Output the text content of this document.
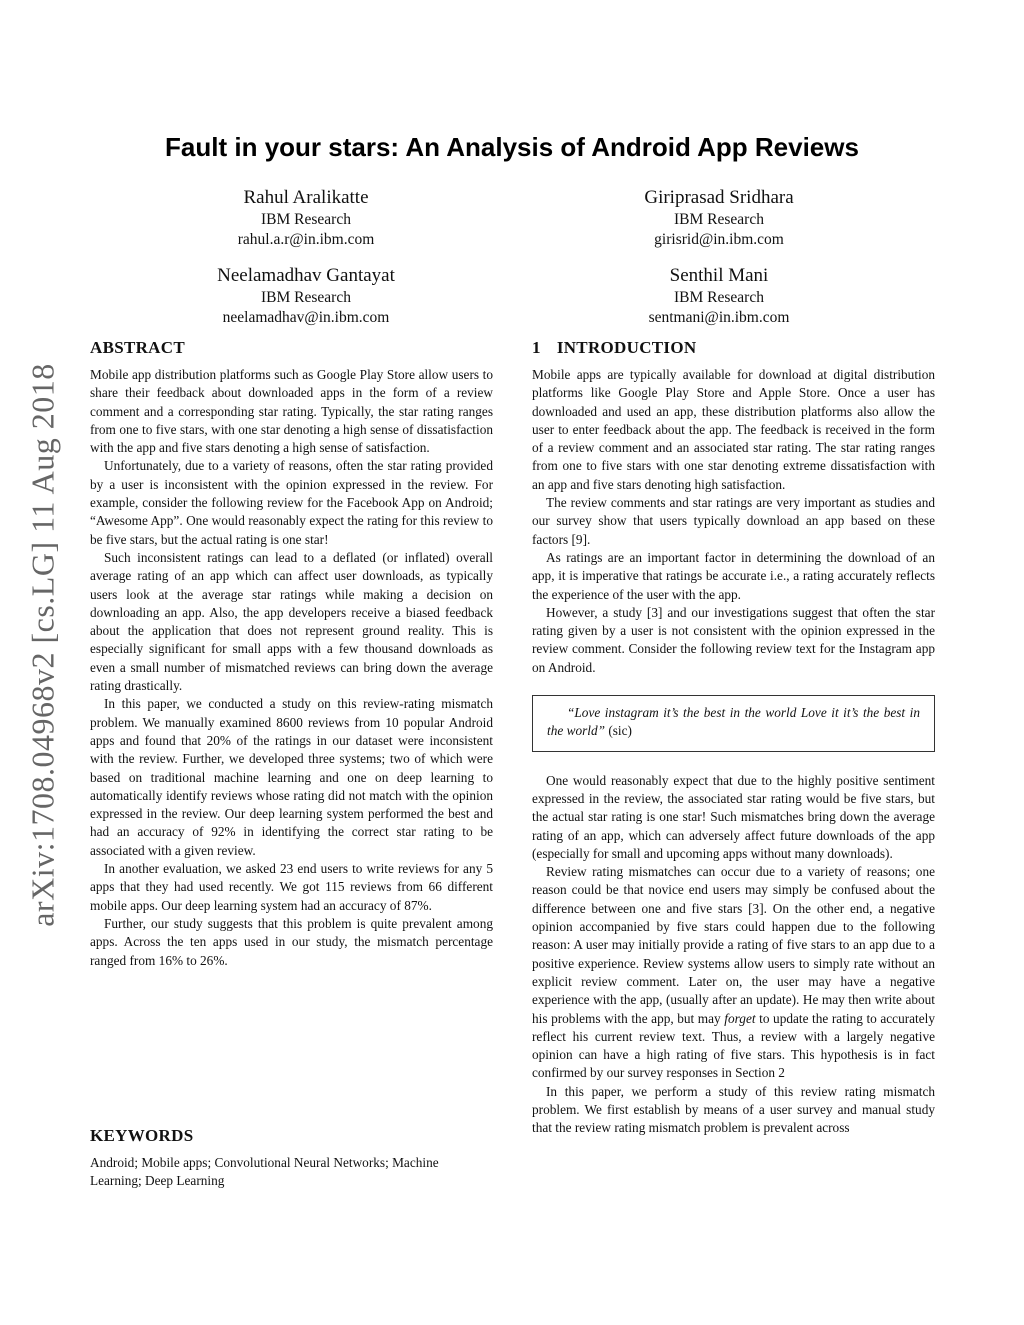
arXiv:1708.04968v2 [cs.LG] 11 Aug 2018
Fault in your stars: An Analysis of Android App Reviews
Rahul Aralikatte
IBM Research
rahul.a.r@in.ibm.com
Giriprasad Sridhara
IBM Research
girisrid@in.ibm.com
Neelamadhav Gantayat
IBM Research
neelamadhav@in.ibm.com
Senthil Mani
IBM Research
sentmani@in.ibm.com
ABSTRACT

Mobile app distribution platforms such as Google Play Store allow users to share their feedback about downloaded apps in the form of a review comment and a corresponding star rating. Typically, the star rating ranges from one to five stars, with one star denoting a high sense of dissatisfaction with the app and five stars denoting a high sense of satisfaction.

Unfortunately, due to a variety of reasons, often the star rating provided by a user is inconsistent with the opinion expressed in the review. For example, consider the following review for the Facebook App on Android; “Awesome App”. One would reasonably expect the rating for this review to be five stars, but the actual rating is one star!

Such inconsistent ratings can lead to a deflated (or inflated) overall average rating of an app which can affect user downloads, as typically users look at the average star ratings while making a decision on downloading an app. Also, the app developers receive a biased feedback about the application that does not represent ground reality. This is especially significant for small apps with a few thousand downloads as even a small number of mismatched reviews can bring down the average rating drastically.

In this paper, we conducted a study on this review-rating mismatch problem. We manually examined 8600 reviews from 10 popular Android apps and found that 20% of the ratings in our dataset were inconsistent with the review. Further, we developed three systems; two of which were based on traditional machine learning and one on deep learning to automatically identify reviews whose rating did not match with the opinion expressed in the review. Our deep learning system performed the best and had an accuracy of 92% in identifying the correct star rating to be associated with a given review.

In another evaluation, we asked 23 end users to write reviews for any 5 apps that they had used recently. We got 115 reviews from 66 different mobile apps. Our deep learning system had an accuracy of 87%.

Further, our study suggests that this problem is quite prevalent among apps. Across the ten apps used in our study, the mismatch percentage ranged from 16% to 26%.

KEYWORDS

Android; Mobile apps; Convolutional Neural Networks; Machine Learning; Deep Learning

1 INTRODUCTION

Mobile apps are typically available for download at digital distribution platforms like Google Play Store and Apple Store. Once a user has downloaded and used an app, these distribution platforms also allow the user to enter feedback about the app. The feedback is received in the form of a review comment and an associated star rating. The star rating ranges from one to five stars with one star denoting extreme dissatisfaction with an app and five stars denoting high satisfaction.

The review comments and star ratings are very important as studies and our survey show that users typically download an app based on these factors [9].

As ratings are an important factor in determining the download of an app, it is imperative that ratings be accurate i.e., a rating accurately reflects the experience of the user with the app.

However, a study [3] and our investigations suggest that often the star rating given by a user is not consistent with the opinion expressed in the review comment. Consider the following review text for the Instagram app on Android.

“Love instagram it’s the best in the world Love it it’s the best in the world” (sic)

One would reasonably expect that due to the highly positive sentiment expressed in the review, the associated star rating would be five stars, but the actual star rating is one star! Such mismatches bring down the average rating of an app, which can adversely affect future downloads of the app (especially for small and upcoming apps without many downloads).

Review rating mismatches can occur due to a variety of reasons; one reason could be that novice end users may simply be confused about the difference between one and five stars [3]. On the other end, a negative opinion accompanied by five stars could happen due to the following reason: A user may initially provide a rating of five stars to an app due to a positive experience. Review systems allow users to simply rate without an explicit review comment. Later on, the user may have a negative experience with the app, (usually after an update). He may then write about his problems with the app, but may forget to update the rating to accurately reflect his current review text. Thus, a review with a largely negative opinion can have a high rating of five stars. This hypothesis is in fact confirmed by our survey responses in Section 2

In this paper, we perform a study of this review rating mismatch problem. We first establish by means of a user survey and manual study that the review rating mismatch problem is prevalent across
